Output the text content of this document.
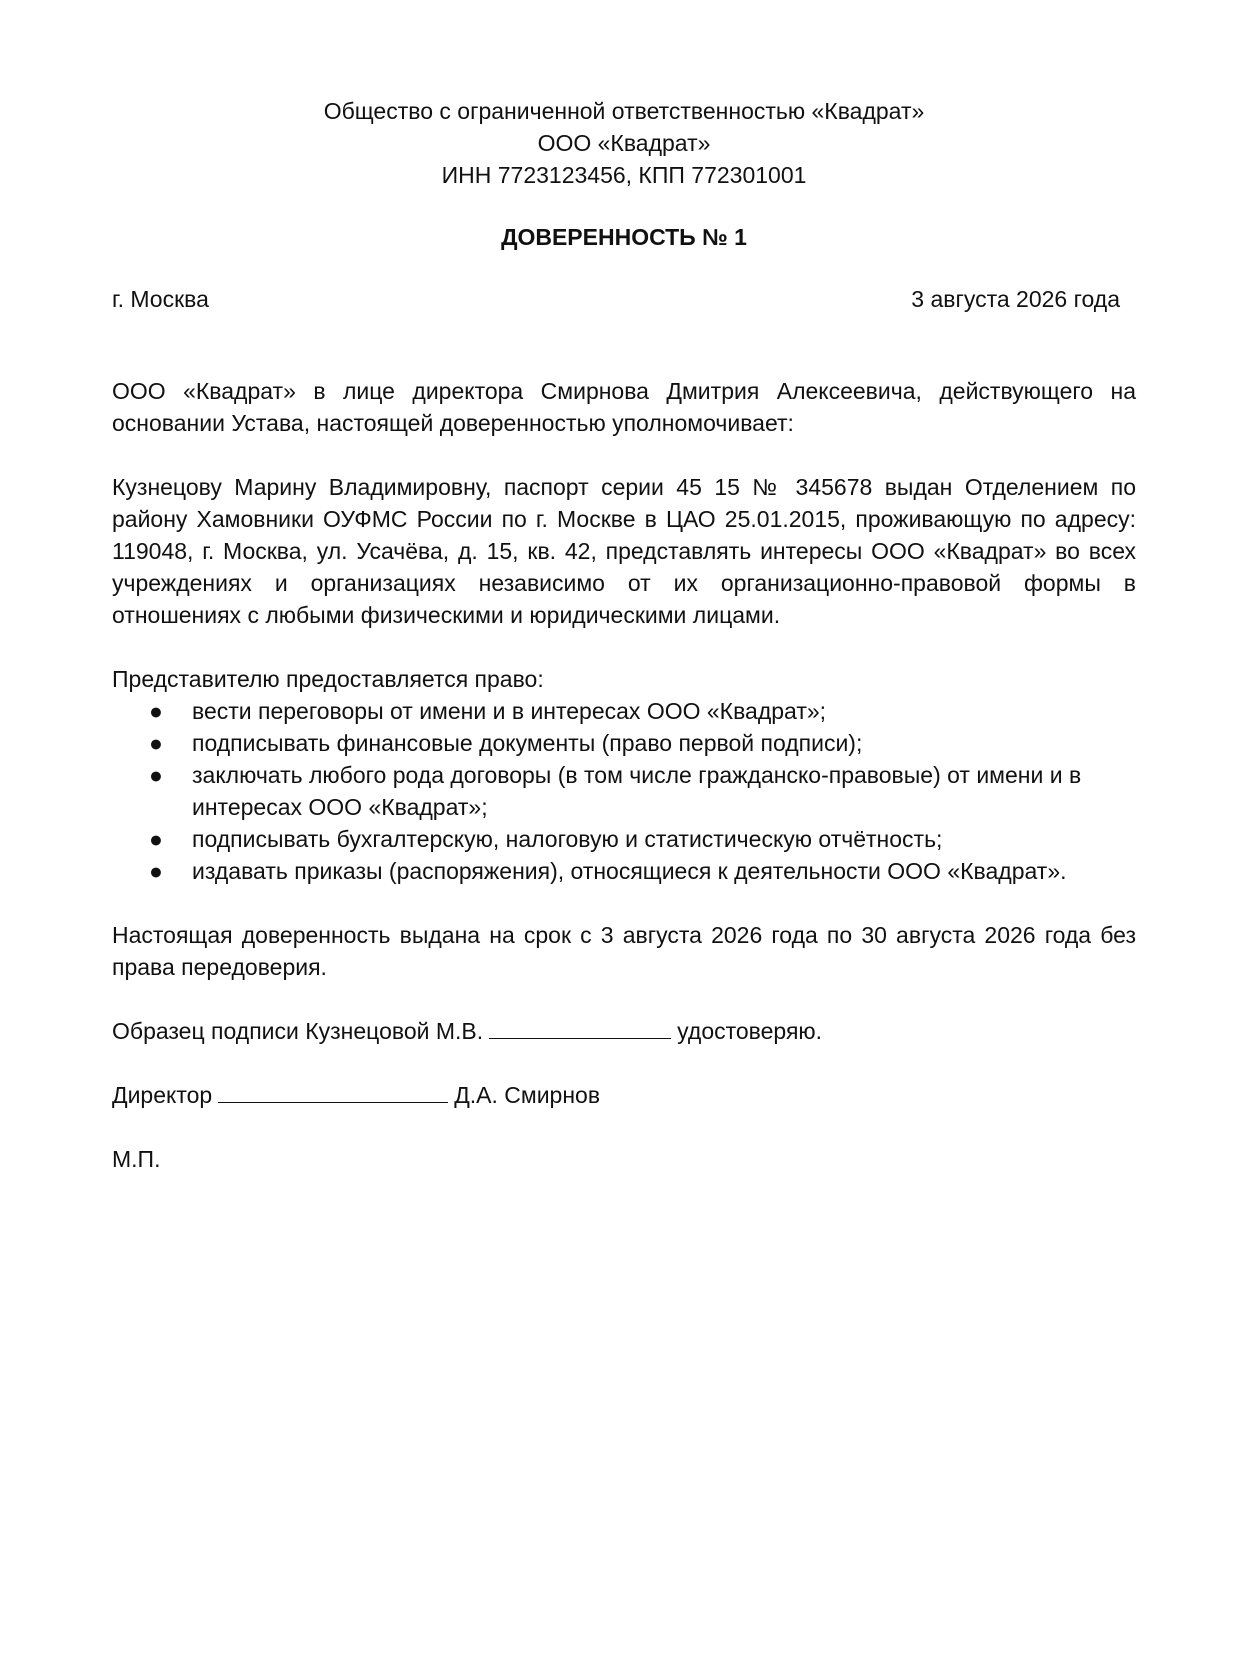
Общество с ограниченной ответственностью «Квадрат»
ООО «Квадрат»
ИНН 7723123456, КПП 772301001
ДОВЕРЕННОСТЬ № 1
г. Москва	3 августа 2026 года

ООО «Квадрат» в лице директора Смирнова Дмитрия Алексеевича, действующего на основании Устава, настоящей доверенностью уполномочивает:

Кузнецову Марину Владимировну, паспорт серии 45 15 № 345678 выдан Отделением по району Хамовники ОУФМС России по г. Москве в ЦАО 25.01.2015, проживающую по адресу: 119048, г. Москва, ул. Усачёва, д. 15, кв. 42, представлять интересы ООО «Квадрат» во всех учреждениях и организациях независимо от их организационно-правовой формы в отношениях с любыми физическими и юридическими лицами.

Представителю предоставляется право:
● вести переговоры от имени и в интересах ООО «Квадрат»;
● подписывать финансовые документы (право первой подписи);
● заключать любого рода договоры (в том числе гражданско-правовые) от имени и в интересах ООО «Квадрат»;
● подписывать бухгалтерскую, налоговую и статистическую отчётность;
● издавать приказы (распоряжения), относящиеся к деятельности ООО «Квадрат».

Настоящая доверенность выдана на срок с 3 августа 2026 года по 30 августа 2026 года без права передоверия.

Образец подписи Кузнецовой М.В.	удостоверяю.
Директор	Д.А. Смирнов
М.П.
